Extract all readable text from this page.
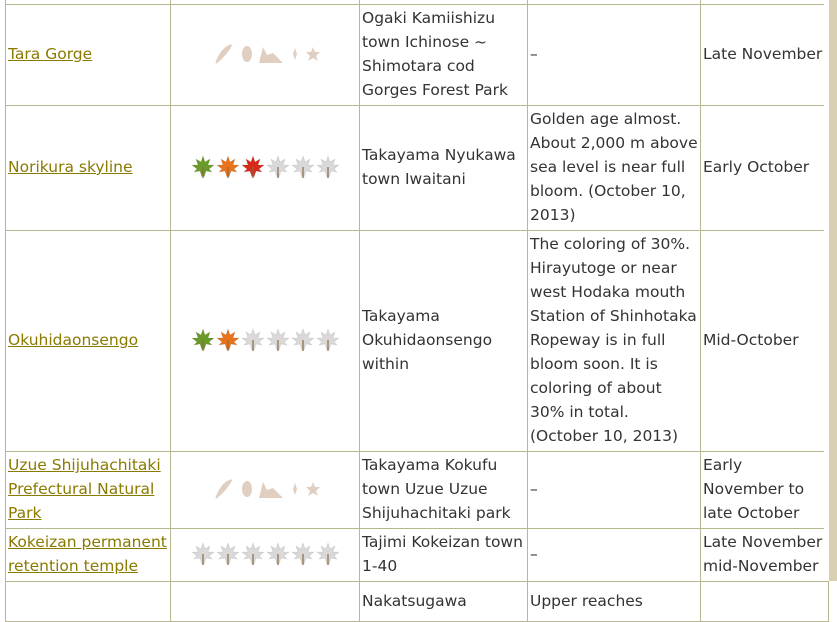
Tara Gorge		Ogaki Kamiishizu town Ichinose ~ Shimotara cod Gorges Forest Park	–	Late November
Norikura skyline		Takayama Nyukawa town Iwaitani	Golden age almost. About 2,000 m above sea level is near full bloom. (October 10, 2013)	Early October
Okuhidaonsengo		Takayama Okuhidaonsengo within	The coloring of 30%. Hirayutoge or near west Hodaka mouth Station of Shinhotaka Ropeway is in full bloom soon. It is coloring of about 30% in total. (October 10, 2013)	Mid-October
Uzue Shijuhachitaki Prefectural Natural Park		Takayama Kokufu town Uzue Uzue Shijuhachitaki park	–	Early November to late October
Kokeizan permanent retention temple		Tajimi Kokeizan town 1-40	–	Late November mid-November
		Nakatsugawa	Upper reaches	
